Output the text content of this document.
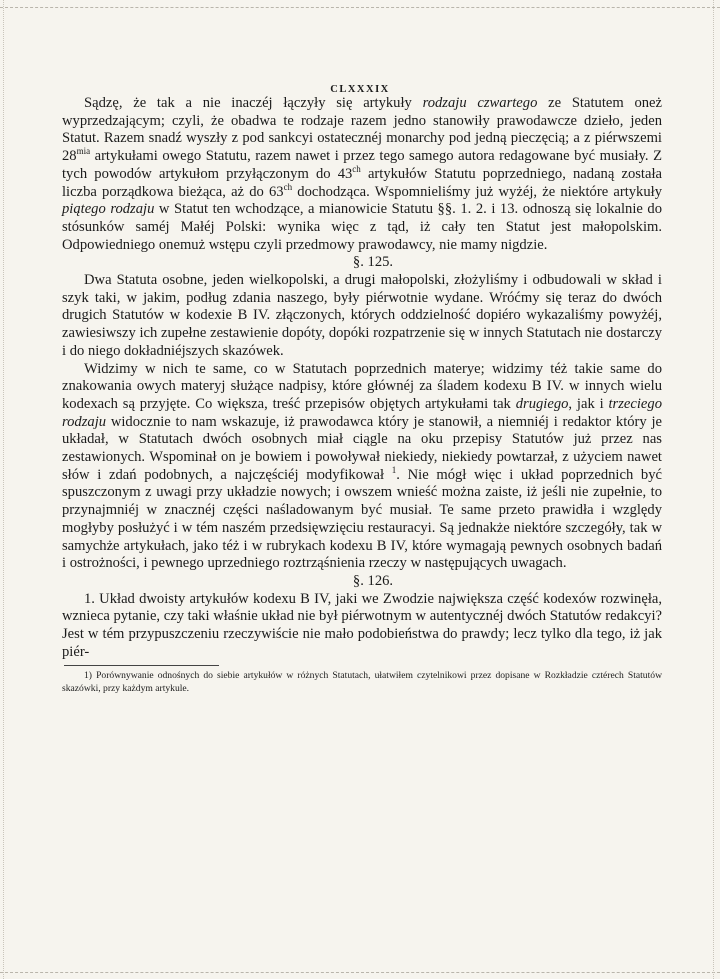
CLXXXIX

Sądzę, że tak a nie inaczéj łączyły się artykuły rodzaju czwartego ze Statutem oneż wyprzedzającym; czyli, że obadwa te rodzaje razem jedno stanowiły prawodawcze dzieło, jeden Statut. Razem snadź wyszły z pod sankcyi ostatecznéj monarchy pod jedną pieczęcią; a z piérwszemi $28^{mia}$ artykułami owego Statutu, razem nawet i przez tego samego autora redagowane być musiały. Z tych powodów artykułom przyłączonym do $43^{ch}$ artykułów Statutu poprzedniego, nadaną została liczba porządkowa bieżąca, aż do $63^{ch}$ dochodząca. Wspomnieliśmy już wyżéj, że niektóre artykuły piątego rodzaju w Statut ten wchodzące, a mianowicie Statutu §§. 1. 2. i 13. odnoszą się lokalnie do stósunków saméj Małéj Polski: wynika więc z tąd, iż cały ten Statut jest małopolskim. Odpowiedniego onemuż wstępu czyli przedmowy prawodawcy, nie mamy nigdzie.

§. 125.

Dwa Statuta osobne, jeden wielkopolski, a drugi małopolski, złożyliśmy i odbudowali w skład i szyk taki, w jakim, podług zdania naszego, były piérwotnie wydane. Wróćmy się teraz do dwóch drugich Statutów w kodexie B IV. złączonych, których oddzielność dopiéro wykazaliśmy powyżéj, zawiesiwszy ich zupełne zestawienie dopóty, dopóki rozpatrzenie się w innych Statutach nie dostarczy i do niego dokładniéjszych skazówek.

Widzimy w nich te same, co w Statutach poprzednich materye; widzimy téż takie same do znakowania owych materyj służące nadpisy, które głównéj za śladem kodexu B IV. w innych wielu kodexach są przyjęte. Co większa, treść przepisów objętych artykułami tak drugiego, jak i trzeciego rodzaju widocznie to nam wskazuje, iż prawodawca który je stanowił, a niemniéj i redaktor który je układał, w Statutach dwóch osobnych miał ciągle na oku przepisy Statutów już przez nas zestawionych. Wspominał on je bowiem i powoływał niekiedy, niekiedy powtarzał, z użyciem nawet słów i zdań podobnych, a najczęściéj modyfikował $^1$. Nie mógł więc i układ poprzednich być spuszczonym z uwagi przy układzie nowych; i owszem wnieść można zaiste, iż jeśli nie zupełnie, to przynajmniéj w znacznéj części naśladowanym być musiał. Te same przeto prawidła i względy mogłyby posłużyć i w tém naszém przedsięwzięciu restauracyi. Są jednakże niektóre szczegóły, tak w samychże artykułach, jako téż i w rubrykach kodexu B IV, które wymagają pewnych osobnych badań i ostrożności, i pewnego uprzedniego roztrząśnienia rzeczy w następujących uwagach.

§. 126.

1. Układ dwoisty artykułów kodexu B IV, jaki we Zwodzie największa część kodexów rozwinęła, wznieca pytanie, czy taki właśnie układ nie był piérwotnym w autentycznéj dwóch Statutów redakcyi? Jest w tém przypuszczeniu rzeczywiście nie mało podobieństwa do prawdy; lecz tylko dla tego, iż jak piér-

1) Porównywanie odnośnych do siebie artykułów w różnych Statutach, ułatwiłem czytelnikowi przez dopisane w Rozkładzie cztérech Statutów skazówki, przy każdym artykule.
